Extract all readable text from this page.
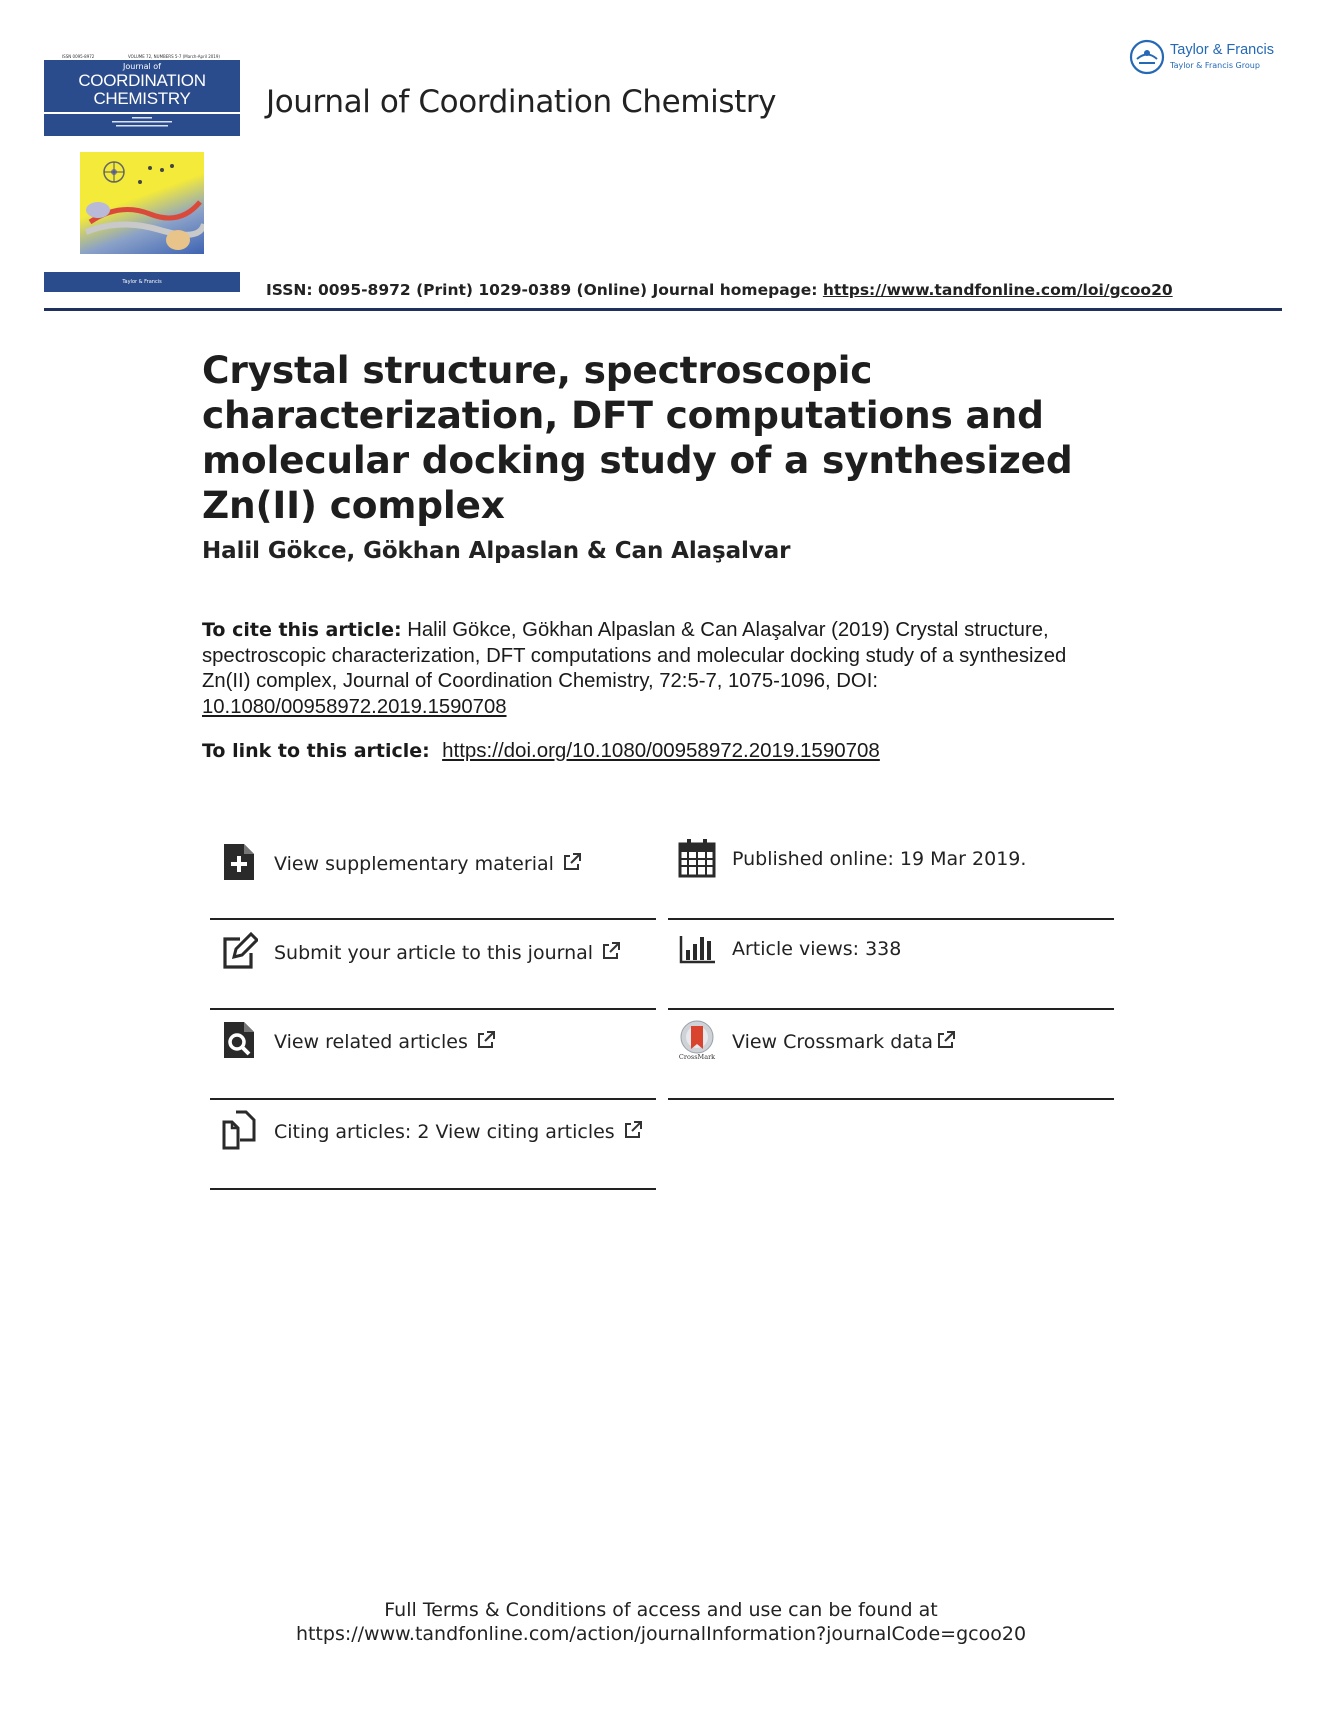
ISSN 0095-8972	VOLUME 72, NUMBERS 5-7 (March-April 2019)
Journal of
COORDINATION
CHEMISTRY
Taylor & Francis
Journal of Coordination Chemistry
Taylor & Francis
Taylor & Francis Group
ISSN: 0095-8972 (Print) 1029-0389 (Online) Journal homepage: https://www.tandfonline.com/loi/gcoo20
Crystal structure, spectroscopic characterization, DFT computations and molecular docking study of a synthesized Zn(II) complex
Halil Gökce, Gökhan Alpaslan & Can Alaşalvar
To cite this article: Halil Gökce, Gökhan Alpaslan & Can Alaşalvar (2019) Crystal structure, spectroscopic characterization, DFT computations and molecular docking study of a synthesized Zn(II) complex, Journal of Coordination Chemistry, 72:5-7, 1075-1096, DOI:
10.1080/00958972.2019.1590708
To link to this article: https://doi.org/10.1080/00958972.2019.1590708
View supplementary material
Submit your article to this journal
View related articles
Citing articles: 2 View citing articles
Published online: 19 Mar 2019.
Article views: 338
CrossMark
View Crossmark data
Full Terms & Conditions of access and use can be found at
https://www.tandfonline.com/action/journalInformation?journalCode=gcoo20
